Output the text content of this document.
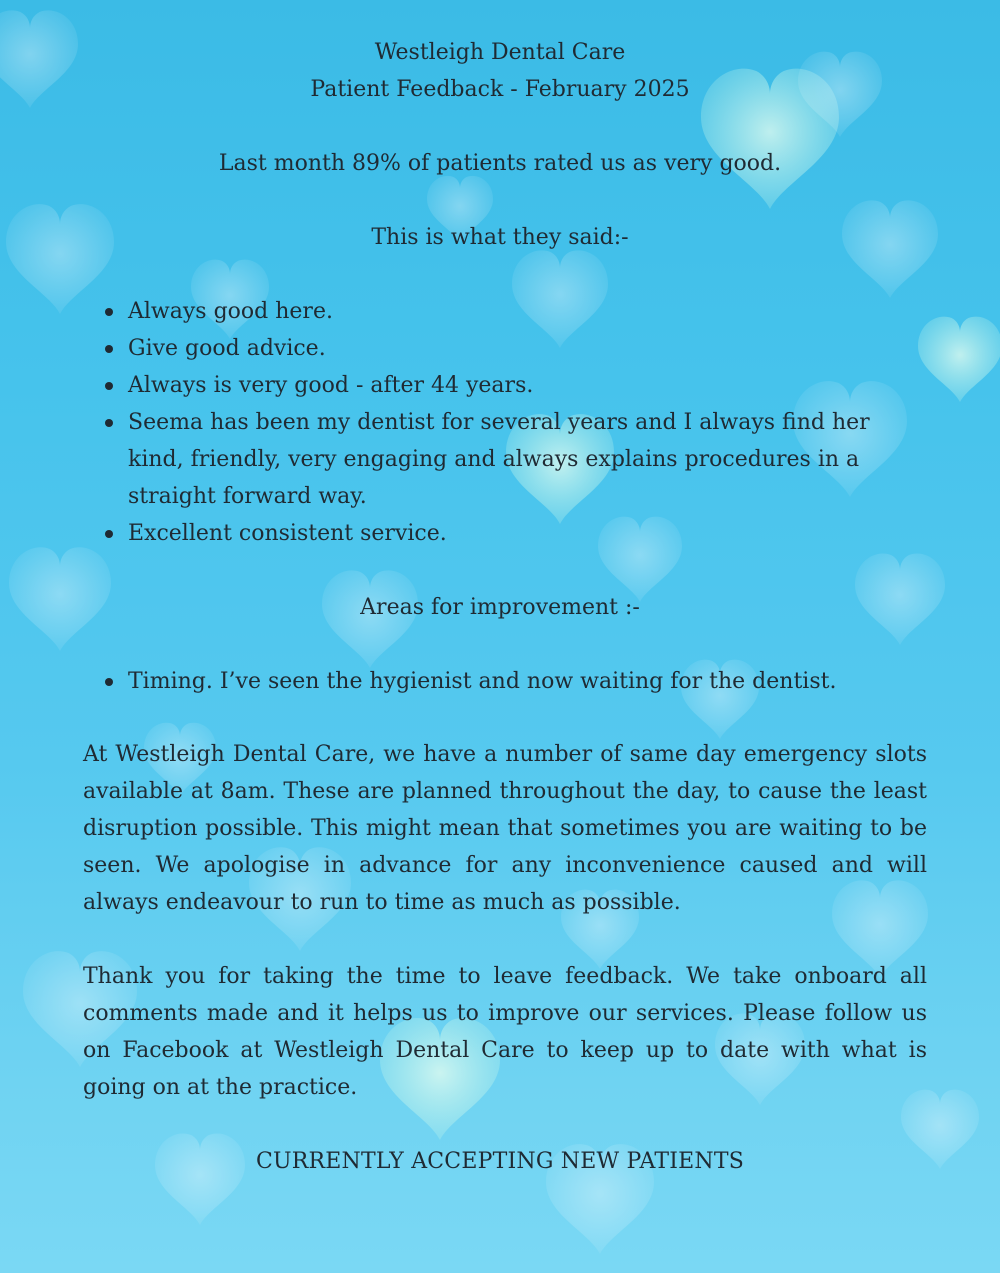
Westleigh Dental Care
Patient Feedback - February 2025
Last month 89% of patients rated us as very good.
This is what they said:-
Always good here.
Give good advice.
Always is very good - after 44 years.
Seema has been my dentist for several years and I always find her kind, friendly, very engaging and always explains procedures in a straight forward way.
Excellent consistent service.
Areas for improvement :-
Timing. I’ve seen the hygienist and now waiting for the dentist.

At Westleigh Dental Care, we have a number of same day emergency slots available at 8am. These are planned throughout the day, to cause the least disruption possible. This might mean that sometimes you are waiting to be seen. We apologise in advance for any inconvenience caused and will always endeavour to run to time as much as possible.

Thank you for taking the time to leave feedback. We take onboard all comments made and it helps us to improve our services. Please follow us on Facebook at Westleigh Dental Care to keep up to date with what is going on at the practice.

CURRENTLY ACCEPTING NEW PATIENTS
